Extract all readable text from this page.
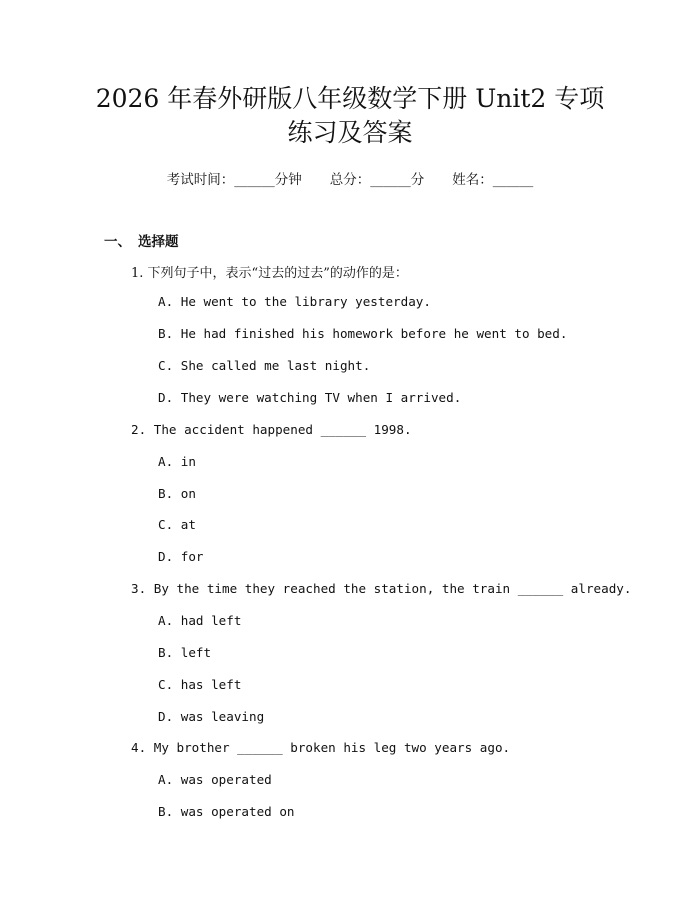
2026 年春外研版八年级数学下册 Unit2 专项
练习及答案
考试时间：______分钟 总分：______分 姓名：______
一、 选择题
1. 下列句子中，表示“过去的过去”的动作的是：
A. He went to the library yesterday.
B. He had finished his homework before he went to bed.
C. She called me last night.
D. They were watching TV when I arrived.
2. The accident happened ______ 1998.
A. in
B. on
C. at
D. for
3. By the time they reached the station, the train ______ already.
A. had left
B. left
C. has left
D. was leaving
4. My brother ______ broken his leg two years ago.
A. was operated
B. was operated on
